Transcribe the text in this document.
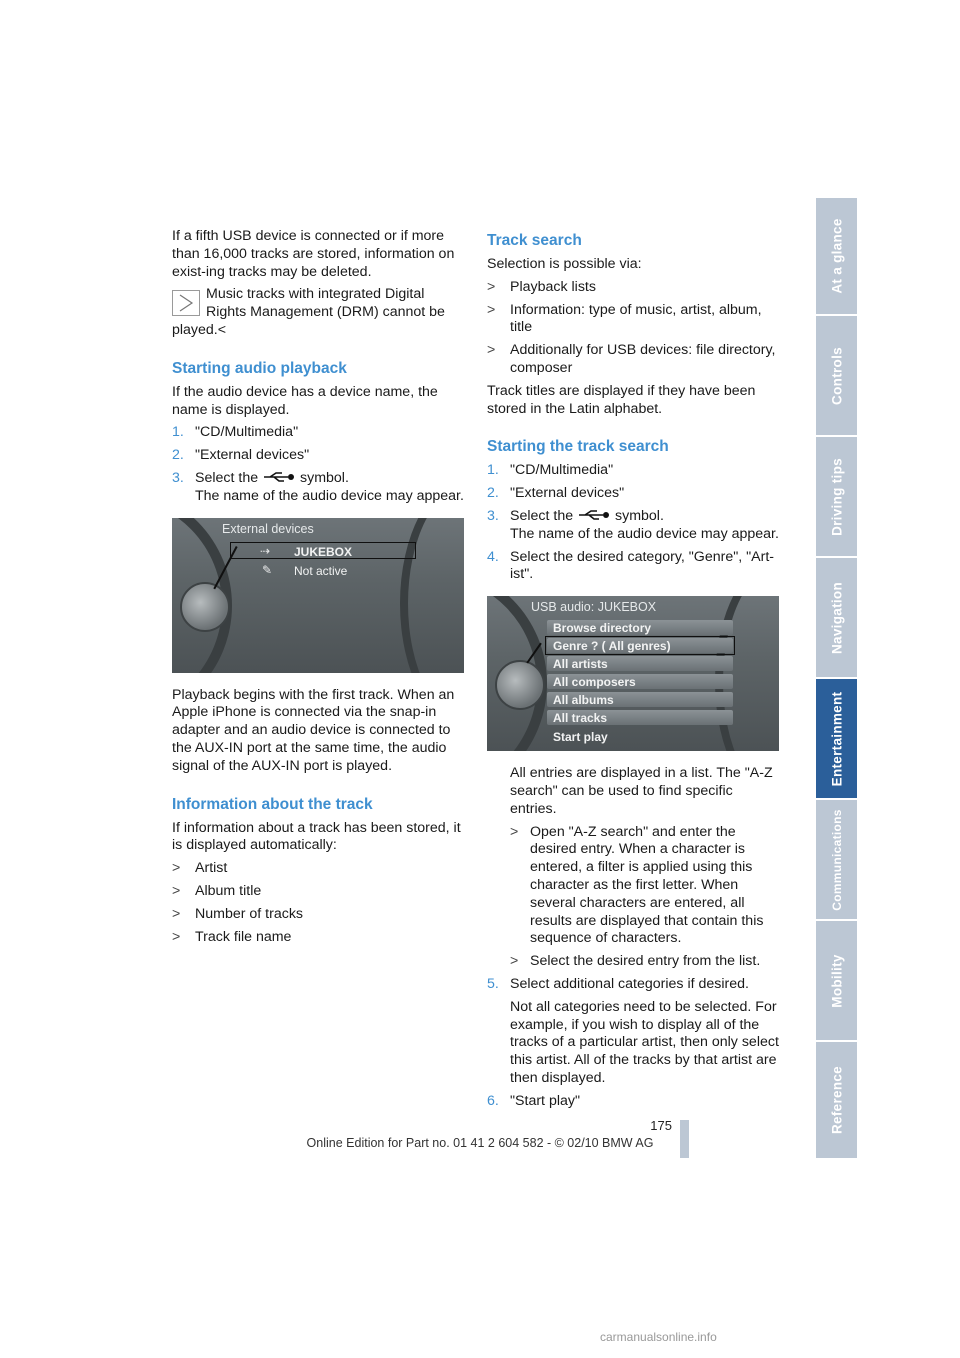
If a fifth USB device is connected or if more than 16,000 tracks are stored, information on exist-ing tracks may be deleted.

Music tracks with integrated Digital Rights Management (DRM) cannot be
played.<
Starting audio playback

If the audio device has a device name, the name is displayed.

1. "CD/Multimedia"
2. "External devices"
3. Select the	symbol.
The name of the audio device may appear.
External devices
JUKEBOX
⇢
Not active
✎

Playback begins with the first track. When an Apple iPhone is connected via the snap-in adapter and an audio device is connected to the AUX-IN port at the same time, the audio signal of the AUX-IN port is played.

Information about the track

If information about a track has been stored, it is displayed automatically:

> Artist
> Album title
> Number of tracks
> Track file name
Track search

Selection is possible via:

> Playback lists
> Information: type of music, artist, album, title
> Additionally for USB devices: file directory, composer

Track titles are displayed if they have been stored in the Latin alphabet.

Starting the track search
1. "CD/Multimedia"
2. "External devices"
3. Select the	symbol.
The name of the audio device may appear.
4. Select the desired category, "Genre", "Art-ist".
USB audio: JUKEBOX
Browse directory
Genre ? ( All genres)
All artists
All composers
All albums
All tracks
Start play

All entries are displayed in a list. The "A-Z search" can be used to find specific entries.

> Open "A-Z search" and enter the desired entry. When a character is entered, a filter is applied using this character as the first letter. When several characters are entered, all results are displayed that contain this sequence of characters.
> Select the desired entry from the list.
5. Select additional categories if desired.

Not all categories need to be selected. For example, if you wish to display all of the tracks of a particular artist, then only select this artist. All of the tracks by that artist are then displayed.

6. "Start play"
At a glance
Controls
Driving tips
Navigation
Entertainment
Communications
Mobility
Reference
175
Online Edition for Part no. 01 41 2 604 582 - © 02/10 BMW AG
carmanualsonline.info
